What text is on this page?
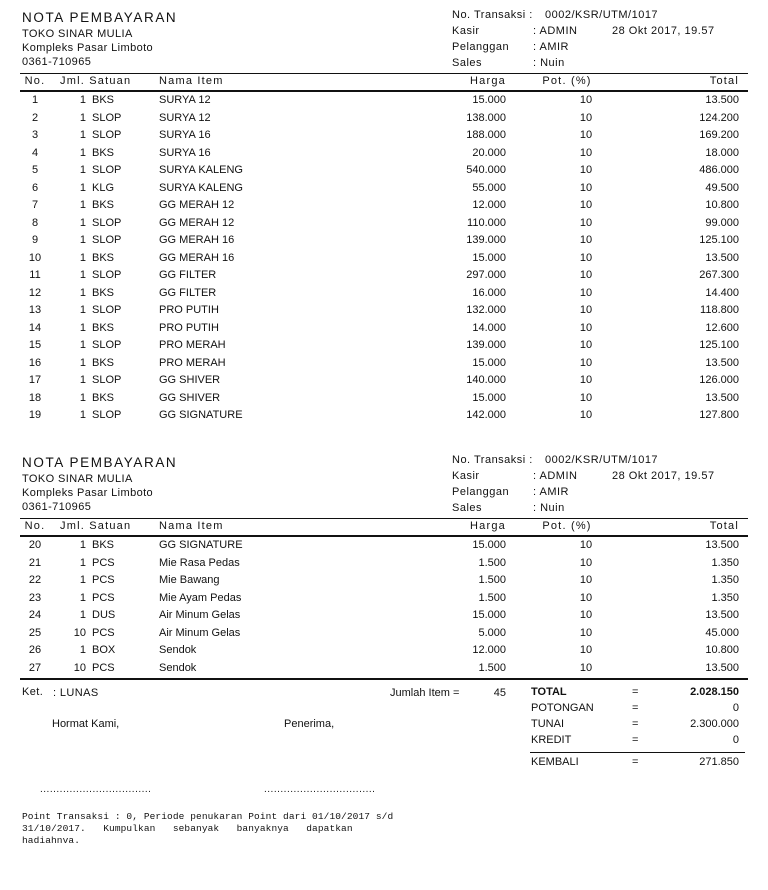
NOTA PEMBAYARAN
TOKO SINAR MULIA
Kompleks Pasar Limboto
0361-710965
No. Transaksi : 0002/KSR/UTM/1017
Kasir	: ADMIN	28 Okt 2017, 19.57
Pelanggan : AMIR
Sales	: Nuin
No. Jml. Satuan	Nama Item	Harga	Pot. (%)	Total
1	1 BKS	SURYA 12	15.000	10	13.500
2	1 SLOP	SURYA 12	138.000	10	124.200
3	1 SLOP	SURYA 16	188.000	10	169.200
4	1 BKS	SURYA 16	20.000	10	18.000
5	1 SLOP	SURYA KALENG	540.000	10	486.000
6	1 KLG	SURYA KALENG	55.000	10	49.500
7	1 BKS	GG MERAH 12	12.000	10	10.800
8	1 SLOP	GG MERAH 12	110.000	10	99.000
9	1 SLOP	GG MERAH 16	139.000	10	125.100
10	1 BKS	GG MERAH 16	15.000	10	13.500
11	1 SLOP	GG FILTER	297.000	10	267.300
12	1 BKS	GG FILTER	16.000	10	14.400
13	1 SLOP	PRO PUTIH	132.000	10	118.800
14	1 BKS	PRO PUTIH	14.000	10	12.600
15	1 SLOP	PRO MERAH	139.000	10	125.100
16	1 BKS	PRO MERAH	15.000	10	13.500
17	1 SLOP	GG SHIVER	140.000	10	126.000
18	1 BKS	GG SHIVER	15.000	10	13.500
19	1 SLOP	GG SIGNATURE	142.000	10	127.800
NOTA PEMBAYARAN
TOKO SINAR MULIA
Kompleks Pasar Limboto
0361-710965
No. Transaksi : 0002/KSR/UTM/1017
Kasir	: ADMIN	28 Okt 2017, 19.57
Pelanggan : AMIR
Sales	: Nuin
No. Jml. Satuan	Nama Item	Harga	Pot. (%)	Total
20	1 BKS	GG SIGNATURE	15.000	10	13.500
21	1 PCS	Mie Rasa Pedas	1.500	10	1.350
22	1 PCS	Mie Bawang	1.500	10	1.350
23	1 PCS	Mie Ayam Pedas	1.500	10	1.350
24	1 DUS	Air Minum Gelas	15.000	10	13.500
25	10 PCS	Air Minum Gelas	5.000	10	45.000
26	1 BOX	Sendok	12.000	10	10.800
27	10 PCS	Sendok	1.500	10	13.500
Ket. : LUNAS	Jumlah Item =	45 TOTAL	=	2.028.150
POTONGAN	=	0
Hormat Kami,	Penerima,	TUNAI	=	2.300.000
KREDIT	=	0
KEMBALI	=	271.850
..................................	..................................
Point Transaksi : 0, Periode penukaran Point dari 01/10/2017 s/d
31/10/2017.   Kumpulkan   sebanyak   banyaknya   dapatkan
hadiahnva.
